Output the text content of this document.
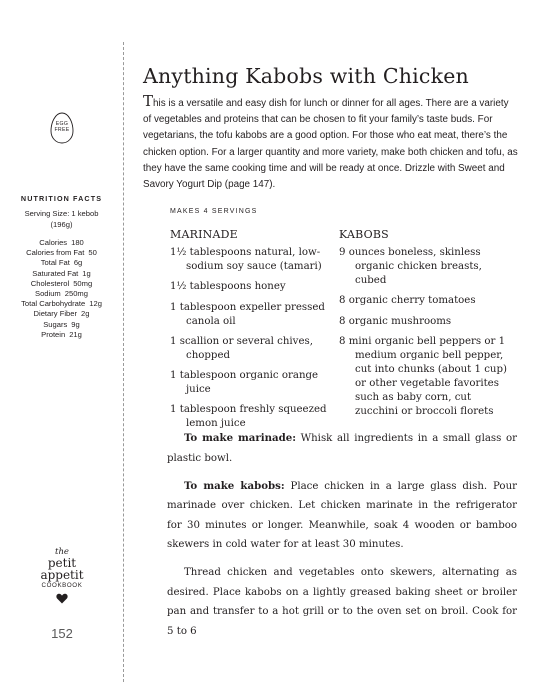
EGG
FREE
NUTRITION FACTS
Serving Size: 1 kebob
(196g)
Calories 180
Calories from Fat 50
Total Fat 6g
Saturated Fat 1g
Cholesterol 50mg
Sodium 250mg
Total Carbohydrate 12g
Dietary Fiber 2g
Sugars 9g
Protein 21g
the
petit
appetit
COOKBOOK
152
Anything Kabobs with Chicken
This is a versatile and easy dish for lunch or dinner for all ages. There are a variety of vegetables and proteins that can be chosen to fit your family’s taste buds. For vegetarians, the tofu kabobs are a good option. For those who eat meat, there’s the chicken option. For a larger quantity and more variety, make both chicken and tofu, as they have the same cooking time and will be ready at once. Drizzle with Sweet and Savory Yogurt Dip (page 147).
MAKES 4 SERVINGS
MARINADE	KABOBS
1½ tablespoons natural, low-sodium soy sauce (tamari)
1½ tablespoons honey
1 tablespoon expeller pressed canola oil
1 scallion or several chives, chopped
1 tablespoon organic orange juice
1 tablespoon freshly squeezed lemon juice
9 ounces boneless, skinless organic chicken breasts, cubed
8 organic cherry tomatoes
8 organic mushrooms
8 mini organic bell peppers or 1 medium organic bell pepper, cut into chunks (about 1 cup) or other vegetable favorites such as baby corn, cut zucchini or broccoli florets

To make marinade: Whisk all ingredients in a small glass or plastic bowl.

To make kabobs: Place chicken in a large glass dish. Pour marinade over chicken. Let chicken marinate in the refrigerator for 30 minutes or longer. Meanwhile, soak 4 wooden or bamboo skewers in cold water for at least 30 minutes.

Thread chicken and vegetables onto skewers, alternating as desired. Place kabobs on a lightly greased baking sheet or broiler pan and transfer to a hot grill or to the oven set on broil. Cook for 5 to 6
